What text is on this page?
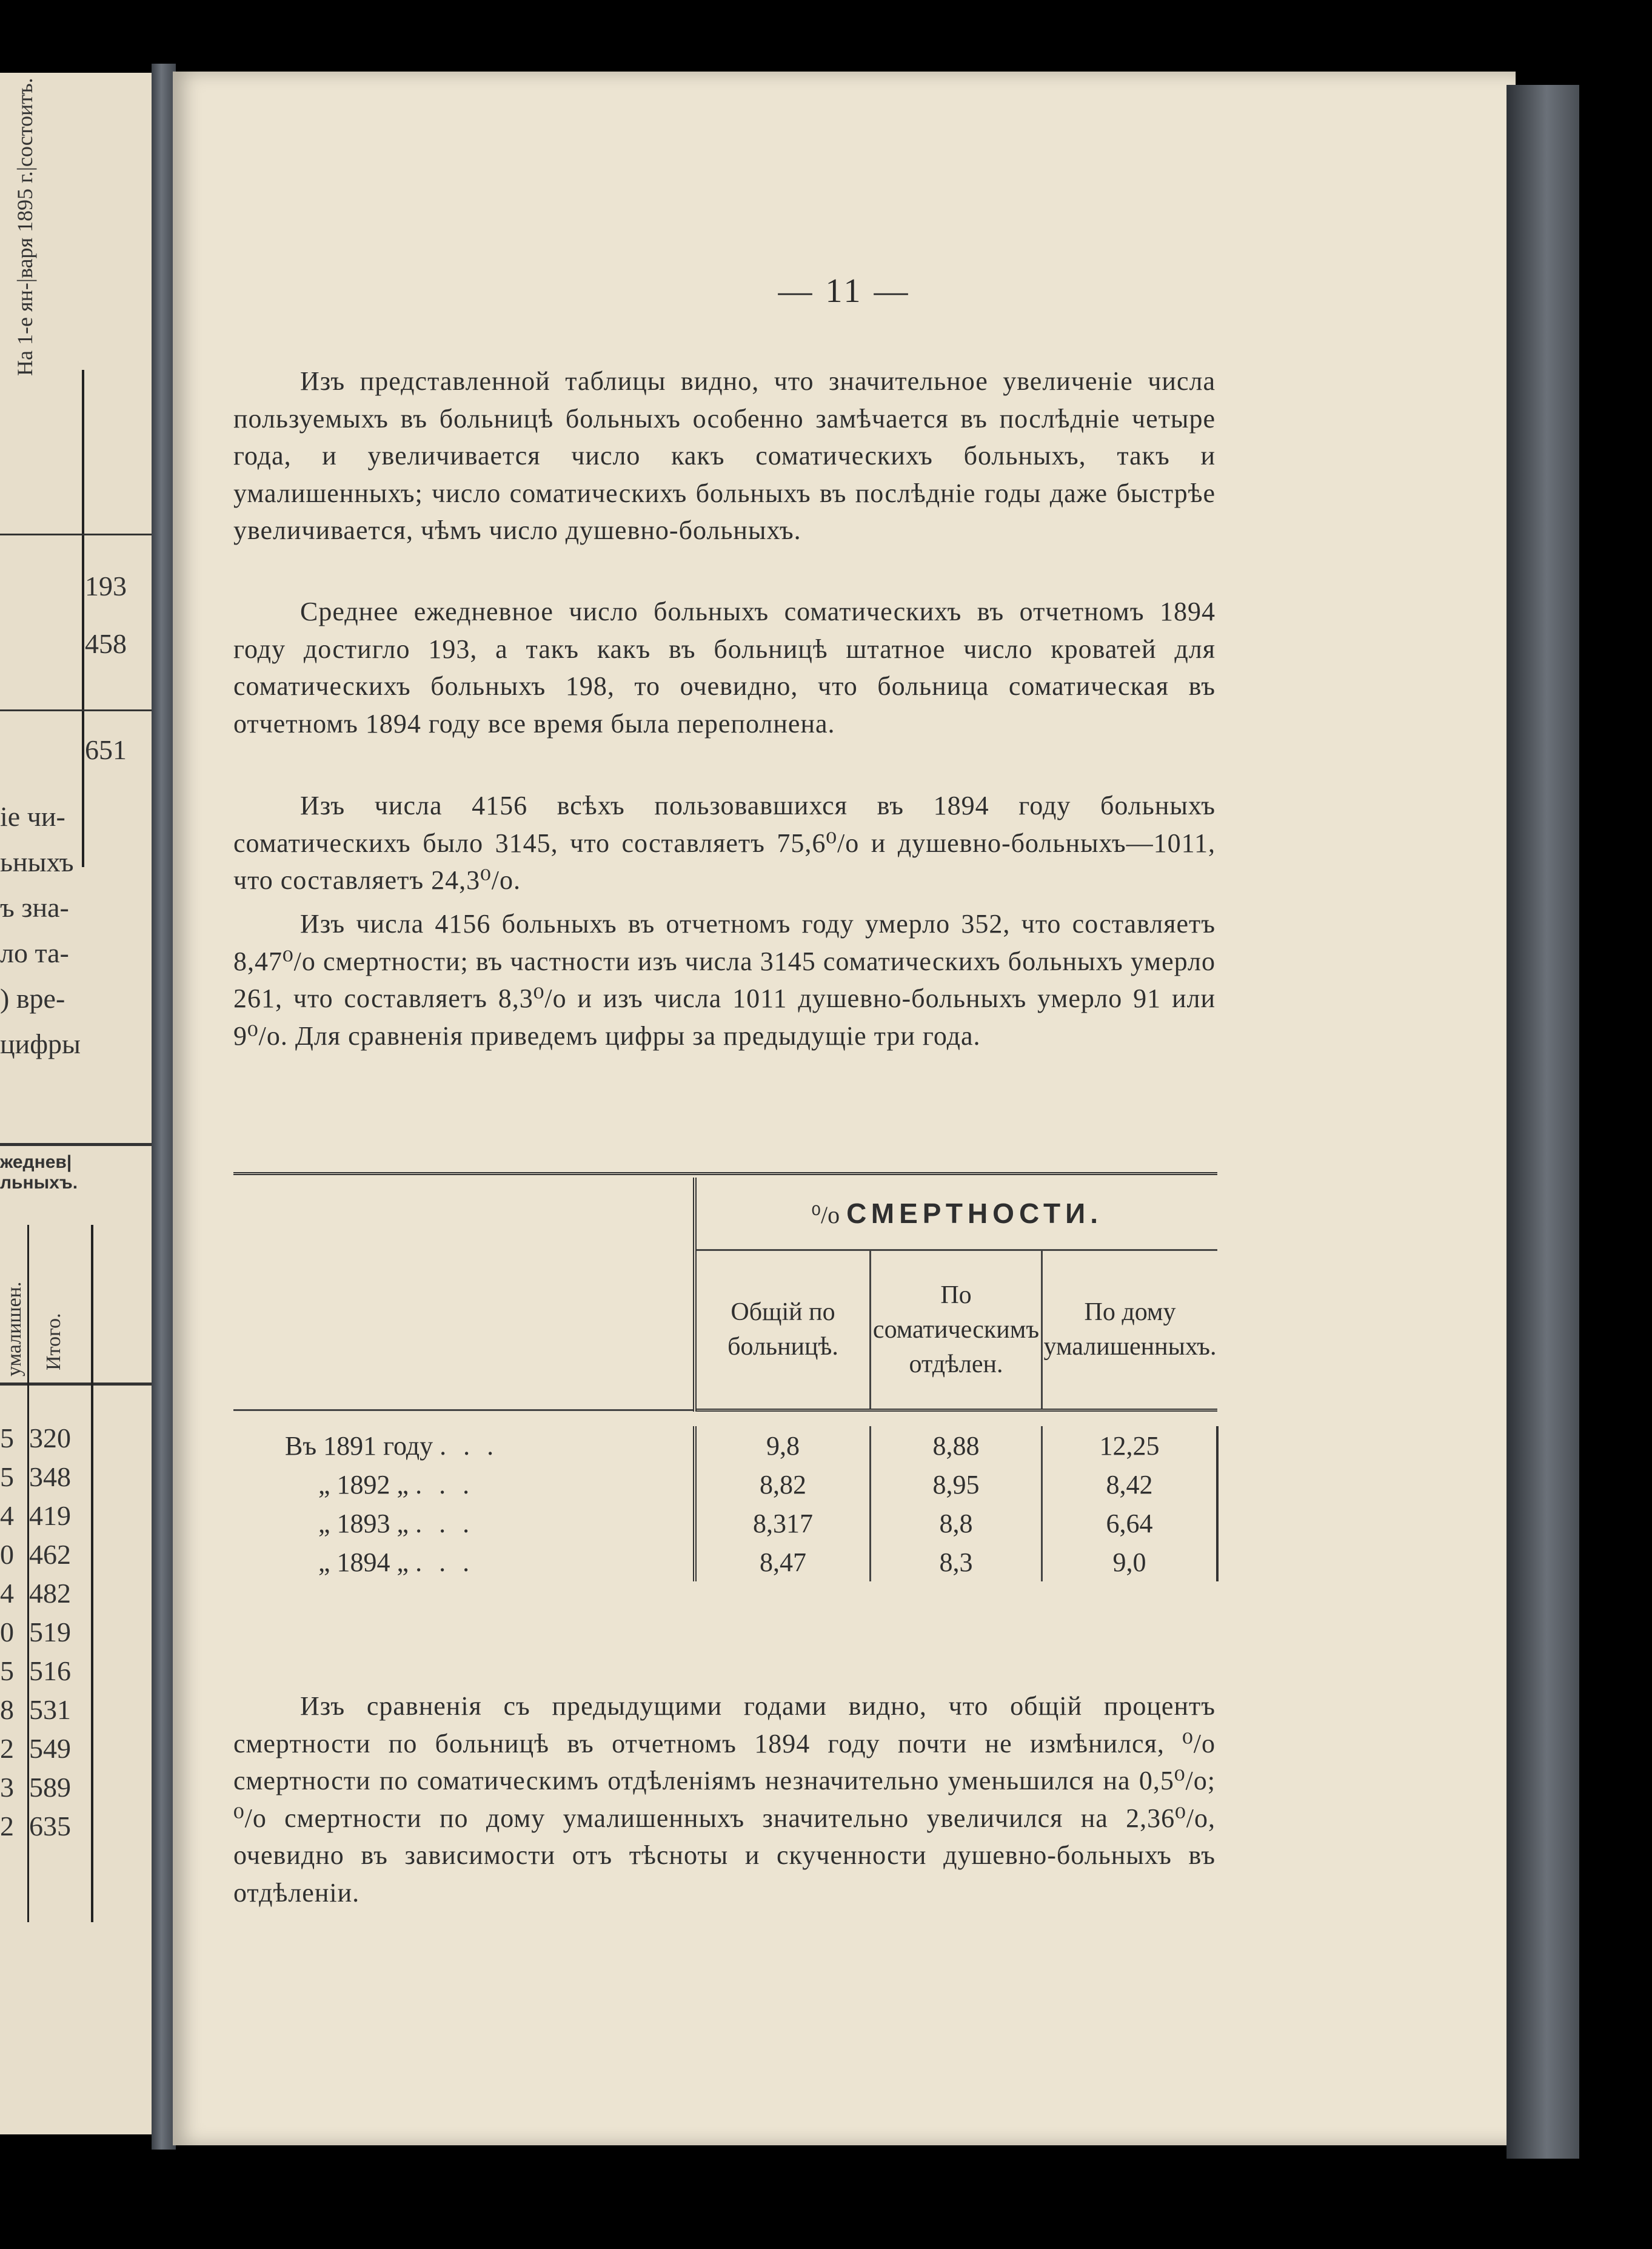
На 1-е ян-|варя 1895 г.|состоитъ.
193
458
651
іе чи-
ьныхъ
ъ зна-
ло та-
) вре-
цифры
жеднев|льныхъ.
умалишен. Итого.
5 320
5 348
4 419
0 462
4 482
0 519
5 516
8 531
2 549
3 589
2 635
— 11 —

Изъ представленной таблицы видно, что значительное увеличеніе числа пользуемыхъ въ больницѣ больныхъ особенно замѣчается въ послѣдніе четыре года, и увеличивается число какъ соматическихъ больныхъ, такъ и умалишенныхъ; число соматическихъ больныхъ въ послѣдніе годы даже быстрѣе увеличивается, чѣмъ число душевно-больныхъ.

Среднее ежедневное число больныхъ соматическихъ въ отчетномъ 1894 году достигло 193, а такъ какъ въ больницѣ штатное число кроватей для соматическихъ больныхъ 198, то очевидно, что больница соматическая въ отчетномъ 1894 году все время была переполнена.

Изъ числа 4156 всѣхъ пользовавшихся въ 1894 году больныхъ соматическихъ было 3145, что составляетъ 75,6⁰/о и душевно-больныхъ—1011, что составляетъ 24,3⁰/о.

Изъ числа 4156 больныхъ въ отчетномъ году умерло 352, что составляетъ 8,47⁰/о смертности; въ частности изъ числа 3145 соматическихъ больныхъ умерло 261, что составляетъ 8,3⁰/о и изъ числа 1011 душевно-больныхъ умерло 91 или 9⁰/о. Для сравненія приведемъ цифры за предыдущіе три года.

	⁰/о СМЕРТНОСТИ.		
	Общій по больницѣ.	По соматическимъ отдѣлен.	По дому умалишенныхъ.

Въ 1891 году ...	9,8	8,88	12,25
„ 1892 „ ...	8,82	8,95	8,42
„ 1893 „ ...	8,317	8,8	6,64
„ 1894 „ ...	8,47	8,3	9,0

Изъ сравненія съ предыдущими годами видно, что общій процентъ смертности по больницѣ въ отчетномъ 1894 году почти не измѣнился, ⁰/о смертности по соматическимъ отдѣленіямъ незначительно уменьшился на 0,5⁰/о; ⁰/о смертности по дому умалишенныхъ значительно увеличился на 2,36⁰/о, очевидно въ зависимости отъ тѣсноты и скученности душевно-больныхъ въ отдѣленіи.
